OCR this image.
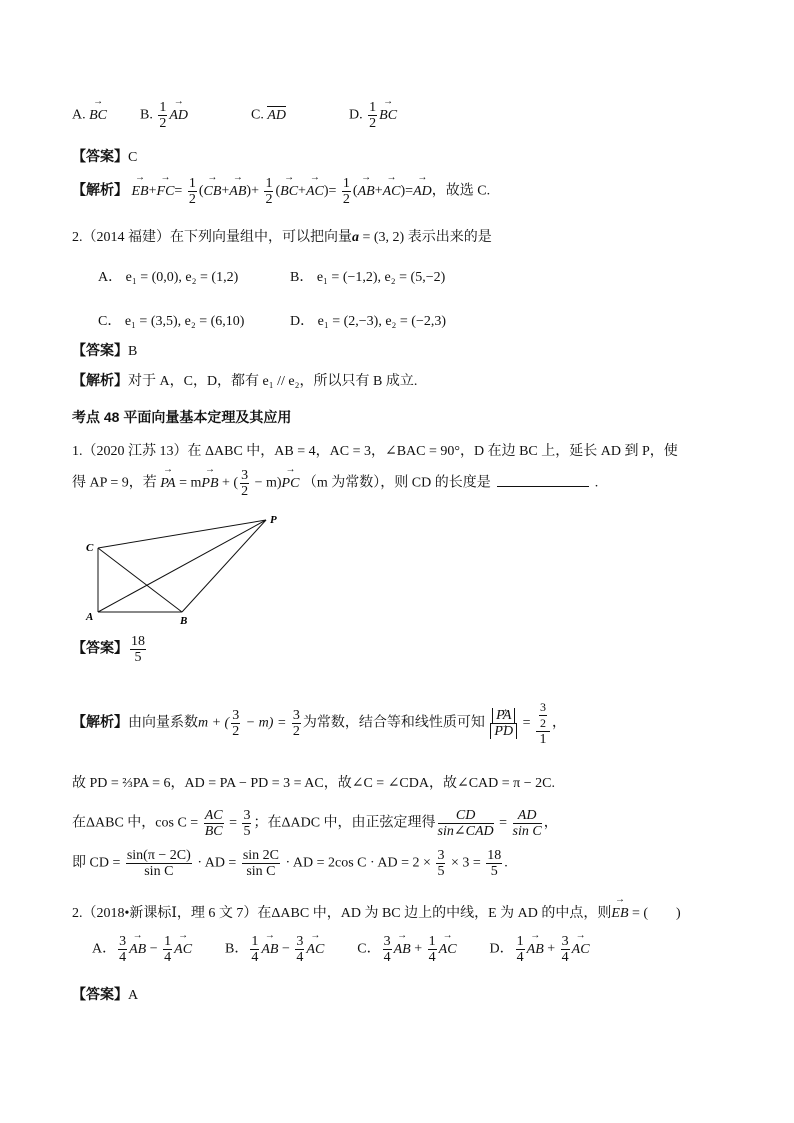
A. → BC B. $\frac{1}{2}$ → AD	C. AD	D. $\frac{1}{2}$ → BC
【答案】C
【解析】 → $EB+\to FC= \frac{1}{2}$ (→ $CB+\to AB)+ \frac{1}{2}$ (→ $BC+\to AC)= \frac{1}{2}$ (→ AB+→ AC)=→ AD，故选 C.
2.（2014 福建）在下列向量组中，可以把向量a = (3, 2) 表示出来的是
A． e₁ = (0,0), e₂ = (1,2)	B． e₁ = (−1,2), e₂ = (5,−2)
C． e₁ = (3,5), e₂ = (6,10)	D． e₁ = (2,−3), e₂ = (−2,3)
【答案】B
【解析】对于 A，C，D，都有 e₁ // e₂，所以只有 B 成立.
考点 48 平面向量基本定理及其应用
1.（2020 江苏 13）在 ΔABC 中，AB = 4，AC = 3，∠BAC = 90°，D 在边 BC 上，延长 AD 到 P，使
得 AP = 9，若 → PA = m→ PB + ( $\frac{3}{2} - m)\to$ PC （m 为常数），则 CD 的长度是	.
C
P
A	B
【答案】 $\frac{18}{5}$
【解析】由向量系数m + ( $\frac{3}{2} - m) = \frac{3}{2}$ 为常数，结合等和线性质可知 → PA
→ PD = $\frac{\frac{3}{2}}{1}$ ，
故 PD = ⅔PA = 6，AD = PA − PD = 3 = AC，故∠C = ∠CDA，故∠CAD = π − 2C.
在ΔABC 中，$\cos C = \frac{AC}{BC} = \frac{3}{5}$ ；在ΔADC 中，由正弦定理得 $\frac{CD}{\text{sin∠CAD}} = \frac{AD}{\text{sin C}}$ ，
即 CD = $\frac{\sin(\pi - 2C)}{\text{sin C}}$ · AD = $\frac{\sin 2C}{\text{sin C}}$ · AD = 2cos C · AD = $2 \times \frac{3}{5} \times 3 = \frac{18}{5}$ .
2.（2018•新课标Ⅰ，理 6 文 7）在ΔABC 中，AD 为 BC 边上的中线，E 为 AD 的中点，则→ EB = (　　)
A． $\frac{3}{4}$ → AB − $\frac{1}{4}$ → AC B． $\frac{1}{4}$ → AB − $\frac{3}{4}$ → AC C． $\frac{3}{4}$ → AB + $\frac{1}{4}$ → AC D． $\frac{1}{4}$ → AB + $\frac{3}{4}$ → AC
【答案】A
